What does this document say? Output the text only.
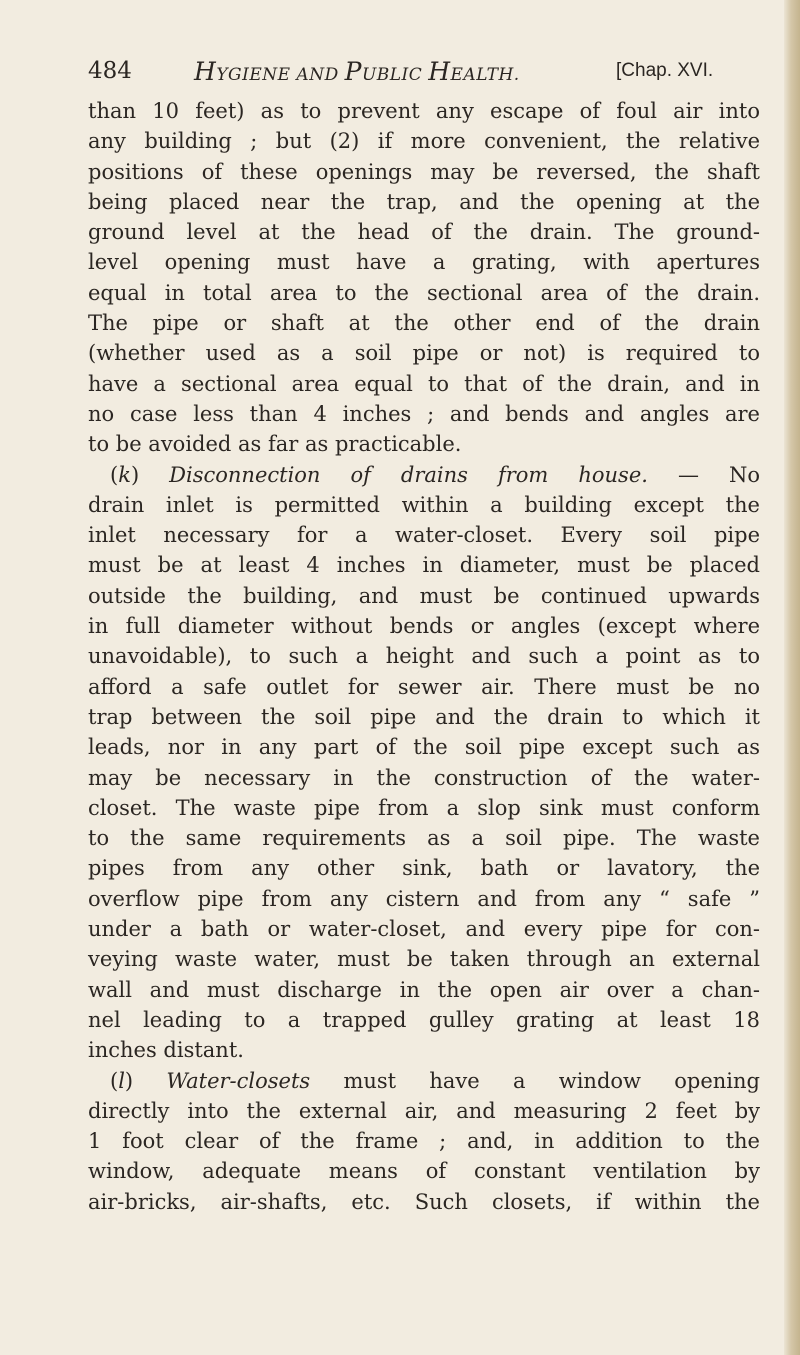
484 HYGIENE AND PUBLIC HEALTH.	[Chap. XVI.
than 10 feet) as to prevent any escape of foul air into
any building ; but (2) if more convenient, the relative
positions of these openings may be reversed, the shaft
being placed near the trap, and the opening at the
ground level at the head of the drain. The ground-
level opening must have a grating, with apertures
equal in total area to the sectional area of the drain.
The pipe or shaft at the other end of the drain
(whether used as a soil pipe or not) is required to
have a sectional area equal to that of the drain, and in
no case less than 4 inches ; and bends and angles are
to be avoided as far as practicable.
(k) Disconnection of drains from house. — No
drain inlet is permitted within a building except the
inlet necessary for a water-closet. Every soil pipe
must be at least 4 inches in diameter, must be placed
outside the building, and must be continued upwards
in full diameter without bends or angles (except where
unavoidable), to such a height and such a point as to
afford a safe outlet for sewer air. There must be no
trap between the soil pipe and the drain to which it
leads, nor in any part of the soil pipe except such as
may be necessary in the construction of the water-
closet. The waste pipe from a slop sink must conform
to the same requirements as a soil pipe. The waste
pipes from any other sink, bath or lavatory, the
overflow pipe from any cistern and from any “ safe ”
under a bath or water-closet, and every pipe for con-
veying waste water, must be taken through an external
wall and must discharge in the open air over a chan-
nel leading to a trapped gulley grating at least 18
inches distant.
(l) Water-closets must have a window opening
directly into the external air, and measuring 2 feet by
1 foot clear of the frame ; and, in addition to the
window, adequate means of constant ventilation by
air-bricks, air-shafts, etc. Such closets, if within the
